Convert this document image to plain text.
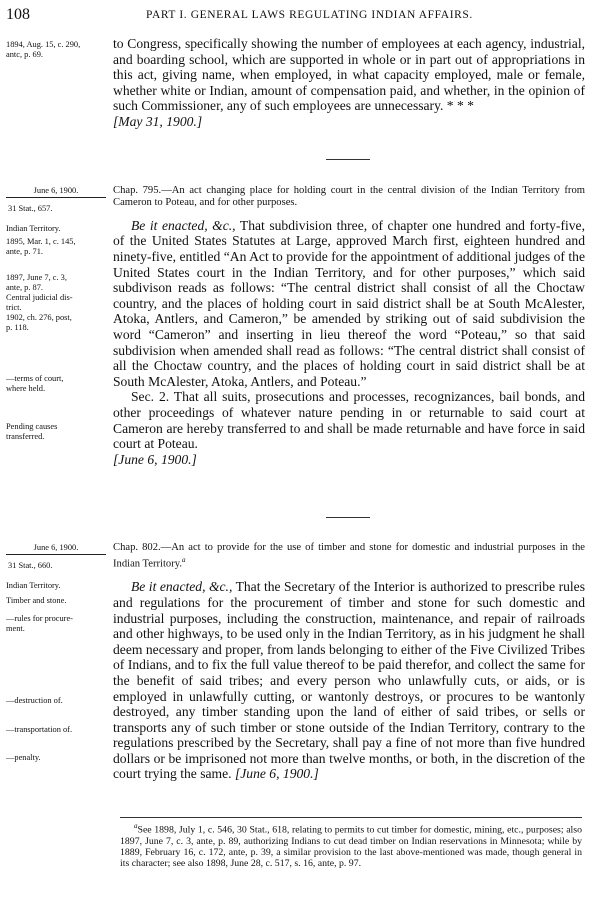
108	PART I. GENERAL LAWS REGULATING INDIAN AFFAIRS.
1894, Aug. 15, c. 290,
antc, p. 69.

to Congress, specifically showing the number of employees at each agency, industrial, and boarding school, which are supported in whole or in part out of appropriations in this act, giving name, when employed, in what capacity employed, male or female, whether white or Indian, amount of compensation paid, and whether, in the opinion of such Commissioner, any of such employees are unnecessary. * * *
[May 31, 1900.]

June 6, 1900.
31 Stat., 657.
Indian Territory.
1895, Mar. 1, c. 145,
ante, p. 71.
1897, June 7, c. 3,
ante, p. 87.
Central judicial dis-
trict.
1902, ch. 276, post,
p. 118.
—terms of court,
where held.
Pending causes
transferred.

Chap. 795.—An act changing place for holding court in the central division of the Indian Territory from Cameron to Poteau, and for other purposes.

Be it enacted, &c., That subdivision three, of chapter one hundred and forty-five, of the United States Statutes at Large, approved March first, eighteen hundred and ninety-five, entitled “An Act to provide for the appointment of additional judges of the United States court in the Indian Territory, and for other purposes,” which said subdivison reads as follows: “The central district shall consist of all the Choctaw country, and the places of holding court in said district shall be at South McAlester, Atoka, Antlers, and Cameron,” be amended by striking out of said subdivision the word “Cameron” and inserting in lieu thereof the word “Poteau,” so that said subdivision when amended shall read as follows: “The central district shall consist of all the Choctaw country, and the places of holding court in said district shall be at South McAlester, Atoka, Antlers, and Poteau.”

Sec. 2. That all suits, prosecutions and processes, recognizances, bail bonds, and other proceedings of whatever nature pending in or returnable to said court at Cameron are hereby transferred to and shall be made returnable and have force in said court at Poteau.
[June 6, 1900.]

June 6, 1900.
31 Stat., 660.
Indian Territory.
Timber and stone.
—rules for procure-
ment.
—destruction of.
—transportation of.
—penalty.

Chap. 802.—An act to provide for the use of timber and stone for domestic and industrial purposes in the Indian Territory.$^a$

Be it enacted, &c., That the Secretary of the Interior is authorized to prescribe rules and regulations for the procurement of timber and stone for such domestic and industrial purposes, including the construction, maintenance, and repair of railroads and other highways, to be used only in the Indian Territory, as in his judgment he shall deem necessary and proper, from lands belonging to either of the Five Civilized Tribes of Indians, and to fix the full value thereof to be paid therefor, and collect the same for the benefit of said tribes; and every person who unlawfully cuts, or aids, or is employed in unlawfully cutting, or wantonly destroys, or procures to be wantonly destroyed, any timber standing upon the land of either of said tribes, or sells or transports any of such timber or stone outside of the Indian Territory, contrary to the regulations prescribed by the Secretary, shall pay a fine of not more than five hundred dollars or be imprisoned not more than twelve months, or both, in the discretion of the court trying the same. [June 6, 1900.]

$^a$See 1898, July 1, c. 546, 30 Stat., 618, relating to permits to cut timber for domestic, mining, etc., purposes; also 1897, June 7, c. 3, ante, p. 89, authorizing Indians to cut dead timber on Indian reservations in Minnesota; while by 1889, February 16, c. 172, ante, p. 39, a similar provision to the last above-mentioned was made, though general in its character; see also 1898, June 28, c. 517, s. 16, ante, p. 97.
